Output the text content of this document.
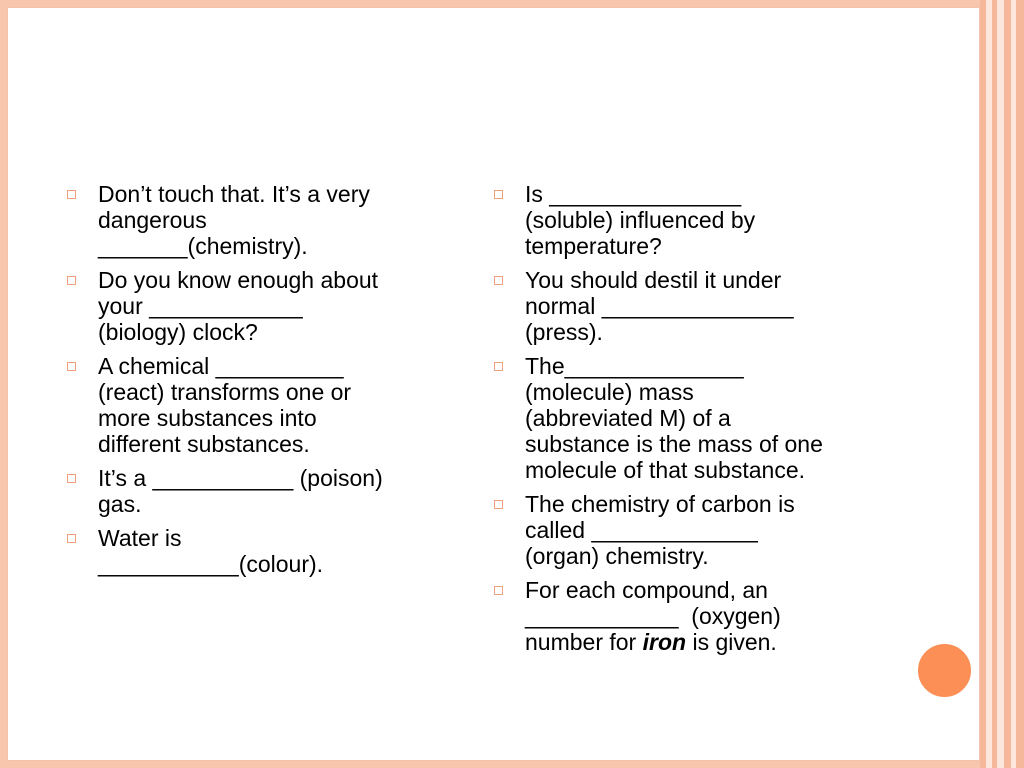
Don’t touch that. It’s a very
dangerous
_______(chemistry).
Do you know enough about
your ____________
(biology) clock?
A chemical __________
(react) transforms one or
more substances into
different substances.
It’s a ___________ (poison)
gas.
Water is
___________(colour).
Is _______________
(soluble) influenced by
temperature?
You should destil it under
normal _______________
(press).
The______________
(molecule) mass
(abbreviated M) of a
substance is the mass of one
molecule of that substance.
The chemistry of carbon is
called _____________
(organ) chemistry.
For each compound, an
____________  (oxygen)
number for iron is given.
